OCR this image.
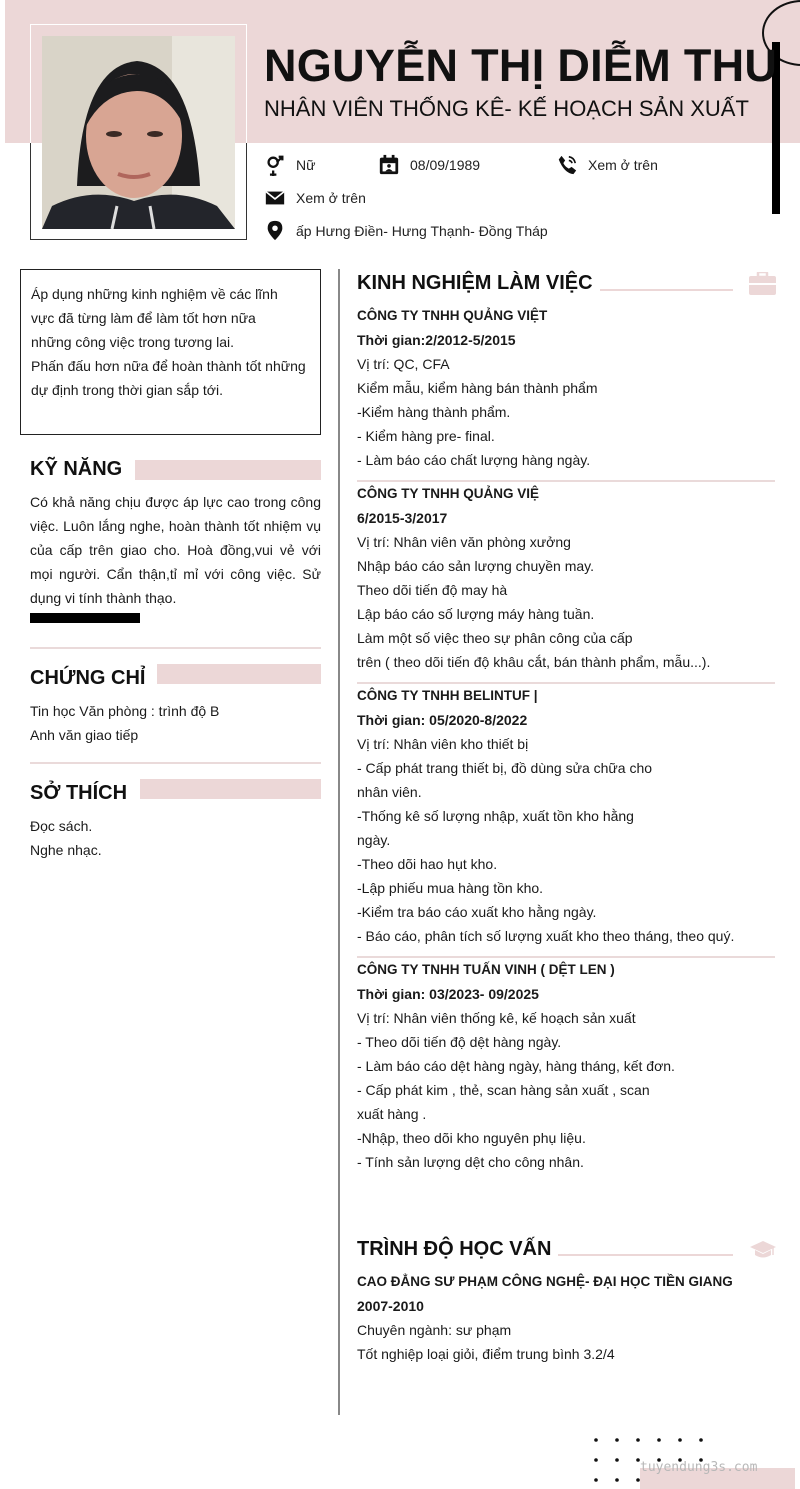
NGUYỄN THỊ DIỄM THU
NHÂN VIÊN THỐNG KÊ- KẾ HOẠCH SẢN XUẤT
Nữ	08/09/1989	Xem ở trên
Xem ở trên
ấp Hưng Điền- Hưng Thạnh- Đồng Tháp

Áp dụng những kinh nghiệm về các lĩnh

vực đã từng làm để làm tốt hơn nữa

những công việc trong tương lai.

Phấn đấu hơn nữa để hoàn thành tốt những

dự định trong thời gian sắp tới.

KỸ NĂNG
Có khả năng chịu được áp lực cao trong công việc. Luôn lắng nghe, hoàn thành tốt nhiệm vụ của cấp trên giao cho. Hoà đồng,vui vẻ với mọi người. Cẩn thận,tỉ mỉ với công việc. Sử dụng vi tính thành thạo.
CHỨNG CHỈ
Tin học Văn phòng : trình độ B
Anh văn giao tiếp
SỞ THÍCH
Đọc sách.
Nghe nhạc.
KINH NGHIỆM LÀM VIỆC
CÔNG TY TNHH QUẢNG VIỆT
Thời gian:2/2012-5/2015
Vị trí: QC, CFA
Kiểm mẫu, kiểm hàng bán thành phẩm
-Kiểm hàng thành phẩm.
- Kiểm hàng pre- final.
- Làm báo cáo chất lượng hàng ngày.
CÔNG TY TNHH QUẢNG VIỆ
6/2015-3/2017
Vị trí: Nhân viên văn phòng xưởng
Nhập báo cáo sản lượng chuyền may.
Theo dõi tiến độ may hà
Lập báo cáo số lượng máy hàng tuần.
Làm một số việc theo sự phân công của cấp
trên ( theo dõi tiến độ khâu cắt, bán thành phẩm, mẫu...).
CÔNG TY TNHH BELINTUF |
Thời gian: 05/2020-8/2022
Vị trí: Nhân viên kho thiết bị
- Cấp phát trang thiết bị, đồ dùng sửa chữa cho
nhân viên.
-Thống kê số lượng nhập, xuất tồn kho hằng
ngày.
-Theo dõi hao hụt kho.
-Lập phiếu mua hàng tồn kho.
-Kiểm tra báo cáo xuất kho hằng ngày.
- Báo cáo, phân tích số lượng xuất kho theo tháng, theo quý.
CÔNG TY TNHH TUẤN VINH ( DỆT LEN )
Thời gian: 03/2023- 09/2025
Vị trí: Nhân viên thống kê, kế hoạch sản xuất
- Theo dõi tiến độ dệt hàng ngày.
- Làm báo cáo dệt hàng ngày, hàng tháng, kết đơn.
- Cấp phát kim , thẻ, scan hàng sản xuất , scan
xuất hàng .
-Nhập, theo dõi kho nguyên phụ liệu.
- Tính sản lượng dệt cho công nhân.
TRÌNH ĐỘ HỌC VẤN
CAO ĐẲNG SƯ PHẠM CÔNG NGHỆ- ĐẠI HỌC TIỀN GIANG
2007-2010
Chuyên ngành: sư phạm
Tốt nghiệp loại giỏi, điểm trung bình 3.2/4
tuyendung3s.com
